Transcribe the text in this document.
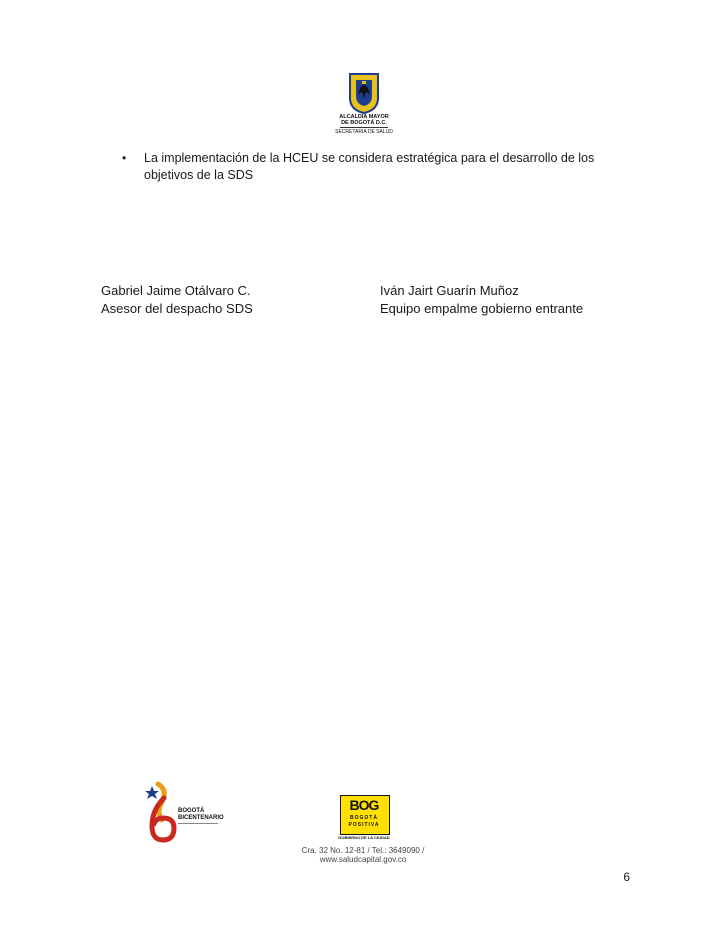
ALCALDÍA MAYOR
DE BOGOTÁ D.C.
SECRETARIA DE SALUD
• La implementación de la HCEU se considera estratégica para el desarrollo de los objetivos de la SDS
Gabriel Jaime Otálvaro C.
Asesor del despacho SDS
Iván Jairt Guarín Muñoz
Equipo empalme gobierno entrante
BOGOTÁ
BICENTENARIO
BOG
BOGOTÁ
POSITIVA
GOBIERNO DE LA CIUDAD
Cra. 32 No. 12-81 / Tel.: 3649090 / www.saludcapital.gov.co
6
